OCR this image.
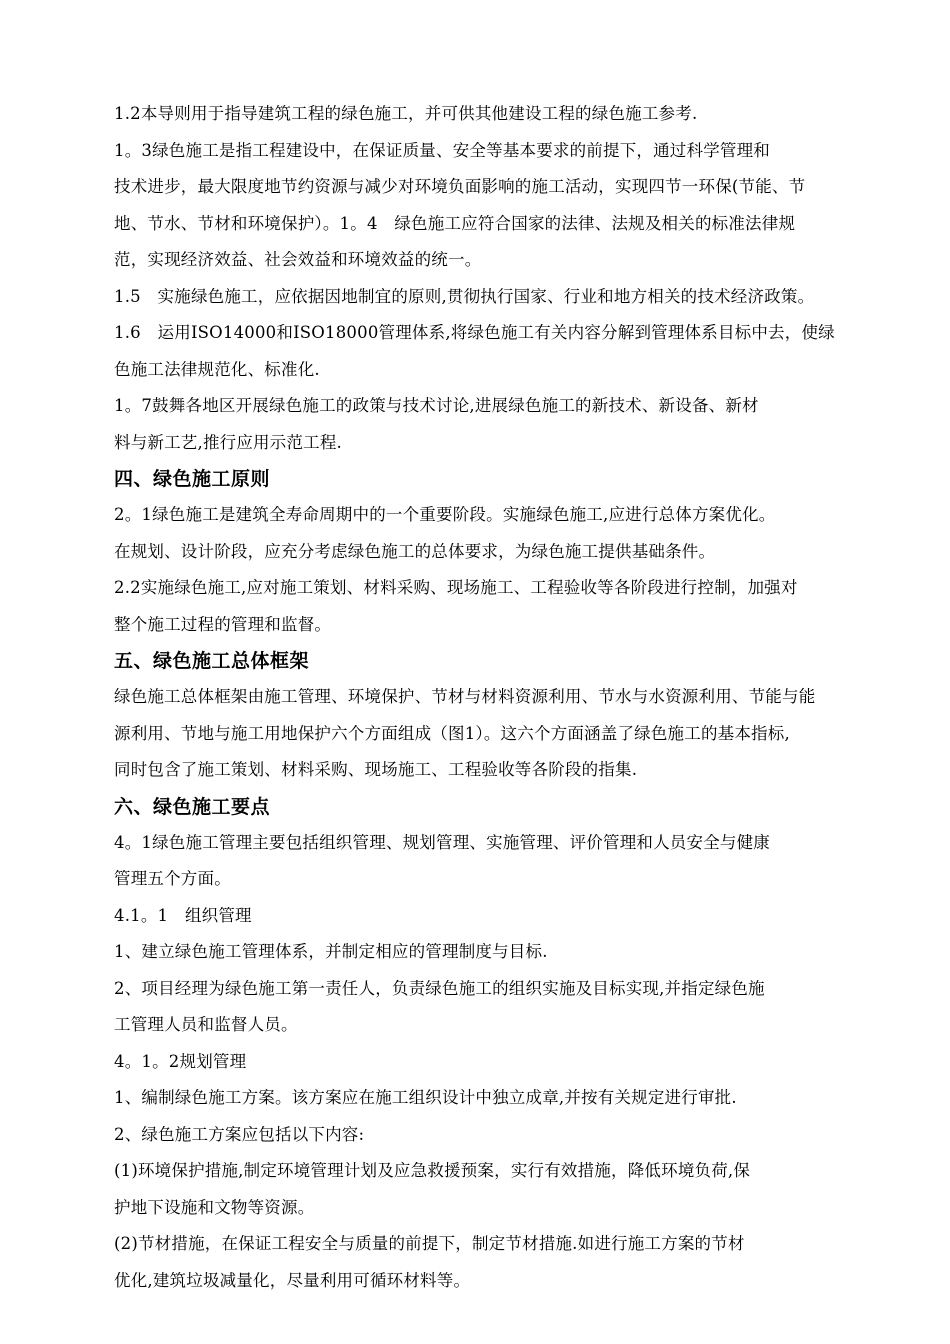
1.2本导则用于指导建筑工程的绿色施工，并可供其他建设工程的绿色施工参考.

1。3绿色施工是指工程建设中，在保证质量、安全等基本要求的前提下，通过科学管理和

技术进步，最大限度地节约资源与减少对环境负面影响的施工活动，实现四节一环保(节能、节

地、节水、节材和环境保护）。1。4　绿色施工应符合国家的法律、法规及相关的标准法律规

范，实现经济效益、社会效益和环境效益的统一。

1.5　实施绿色施工，应依据因地制宜的原则,贯彻执行国家、行业和地方相关的技术经济政策。

1.6　运用ISO14000和ISO18000管理体系,将绿色施工有关内容分解到管理体系目标中去，使绿

色施工法律规范化、标准化.

1。7鼓舞各地区开展绿色施工的政策与技术讨论,进展绿色施工的新技术、新设备、新材

料与新工艺,推行应用示范工程.

四、绿色施工原则

2。1绿色施工是建筑全寿命周期中的一个重要阶段。实施绿色施工,应进行总体方案优化。

在规划、设计阶段，应充分考虑绿色施工的总体要求，为绿色施工提供基础条件。

2.2实施绿色施工,应对施工策划、材料采购、现场施工、工程验收等各阶段进行控制，加强对

整个施工过程的管理和监督。

五、绿色施工总体框架

绿色施工总体框架由施工管理、环境保护、节材与材料资源利用、节水与水资源利用、节能与能

源利用、节地与施工用地保护六个方面组成（图1）。这六个方面涵盖了绿色施工的基本指标,

同时包含了施工策划、材料采购、现场施工、工程验收等各阶段的指集.

六、绿色施工要点

4。1绿色施工管理主要包括组织管理、规划管理、实施管理、评价管理和人员安全与健康

管理五个方面。

4.1。1　组织管理

1、建立绿色施工管理体系，并制定相应的管理制度与目标.

2、项目经理为绿色施工第一责任人，负责绿色施工的组织实施及目标实现,并指定绿色施

工管理人员和监督人员。

4。1。2规划管理

1、编制绿色施工方案。该方案应在施工组织设计中独立成章,并按有关规定进行审批.

2、绿色施工方案应包括以下内容:

(1)环境保护措施,制定环境管理计划及应急救援预案，实行有效措施，降低环境负荷,保

护地下设施和文物等资源。

(2)节材措施，在保证工程安全与质量的前提下，制定节材措施.如进行施工方案的节材

优化,建筑垃圾减量化，尽量利用可循环材料等。
